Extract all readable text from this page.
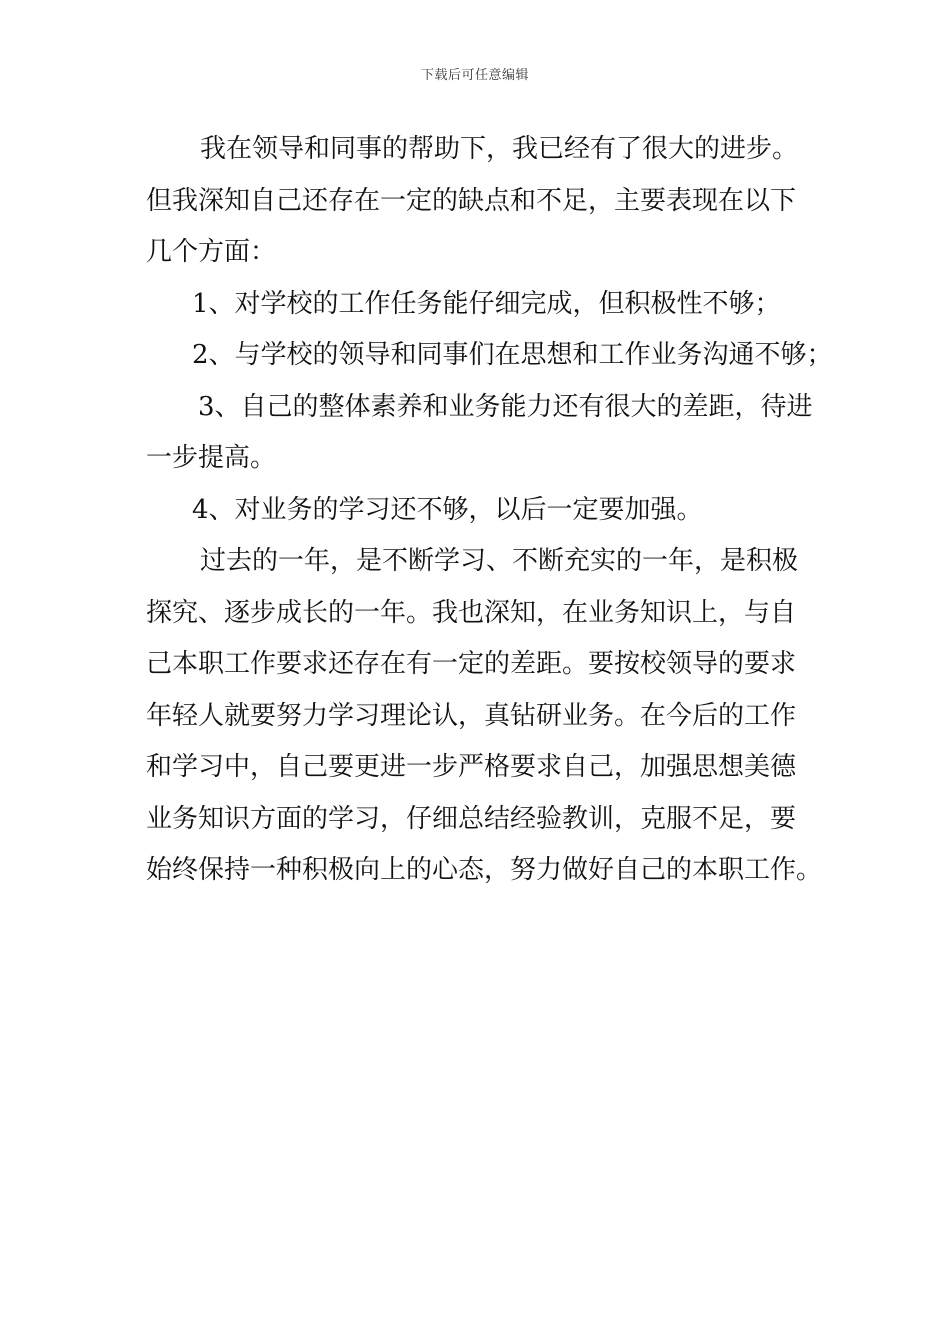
下载后可任意编辑
我在领导和同事的帮助下，我已经有了很大的进步。
但我深知自己还存在一定的缺点和不足，主要表现在以下
几个方面：
1、对学校的工作任务能仔细完成，但积极性不够；
2、与学校的领导和同事们在思想和工作业务沟通不够；
3、自己的整体素养和业务能力还有很大的差距，待进
一步提高。
4、对业务的学习还不够，以后一定要加强。
过去的一年，是不断学习、不断充实的一年，是积极
探究、逐步成长的一年。我也深知，在业务知识上，与自
己本职工作要求还存在有一定的差距。要按校领导的要求
年轻人就要努力学习理论认，真钻研业务。在今后的工作
和学习中，自己要更进一步严格要求自己，加强思想美德
业务知识方面的学习，仔细总结经验教训，克服不足，要
始终保持一种积极向上的心态，努力做好自己的本职工作。
